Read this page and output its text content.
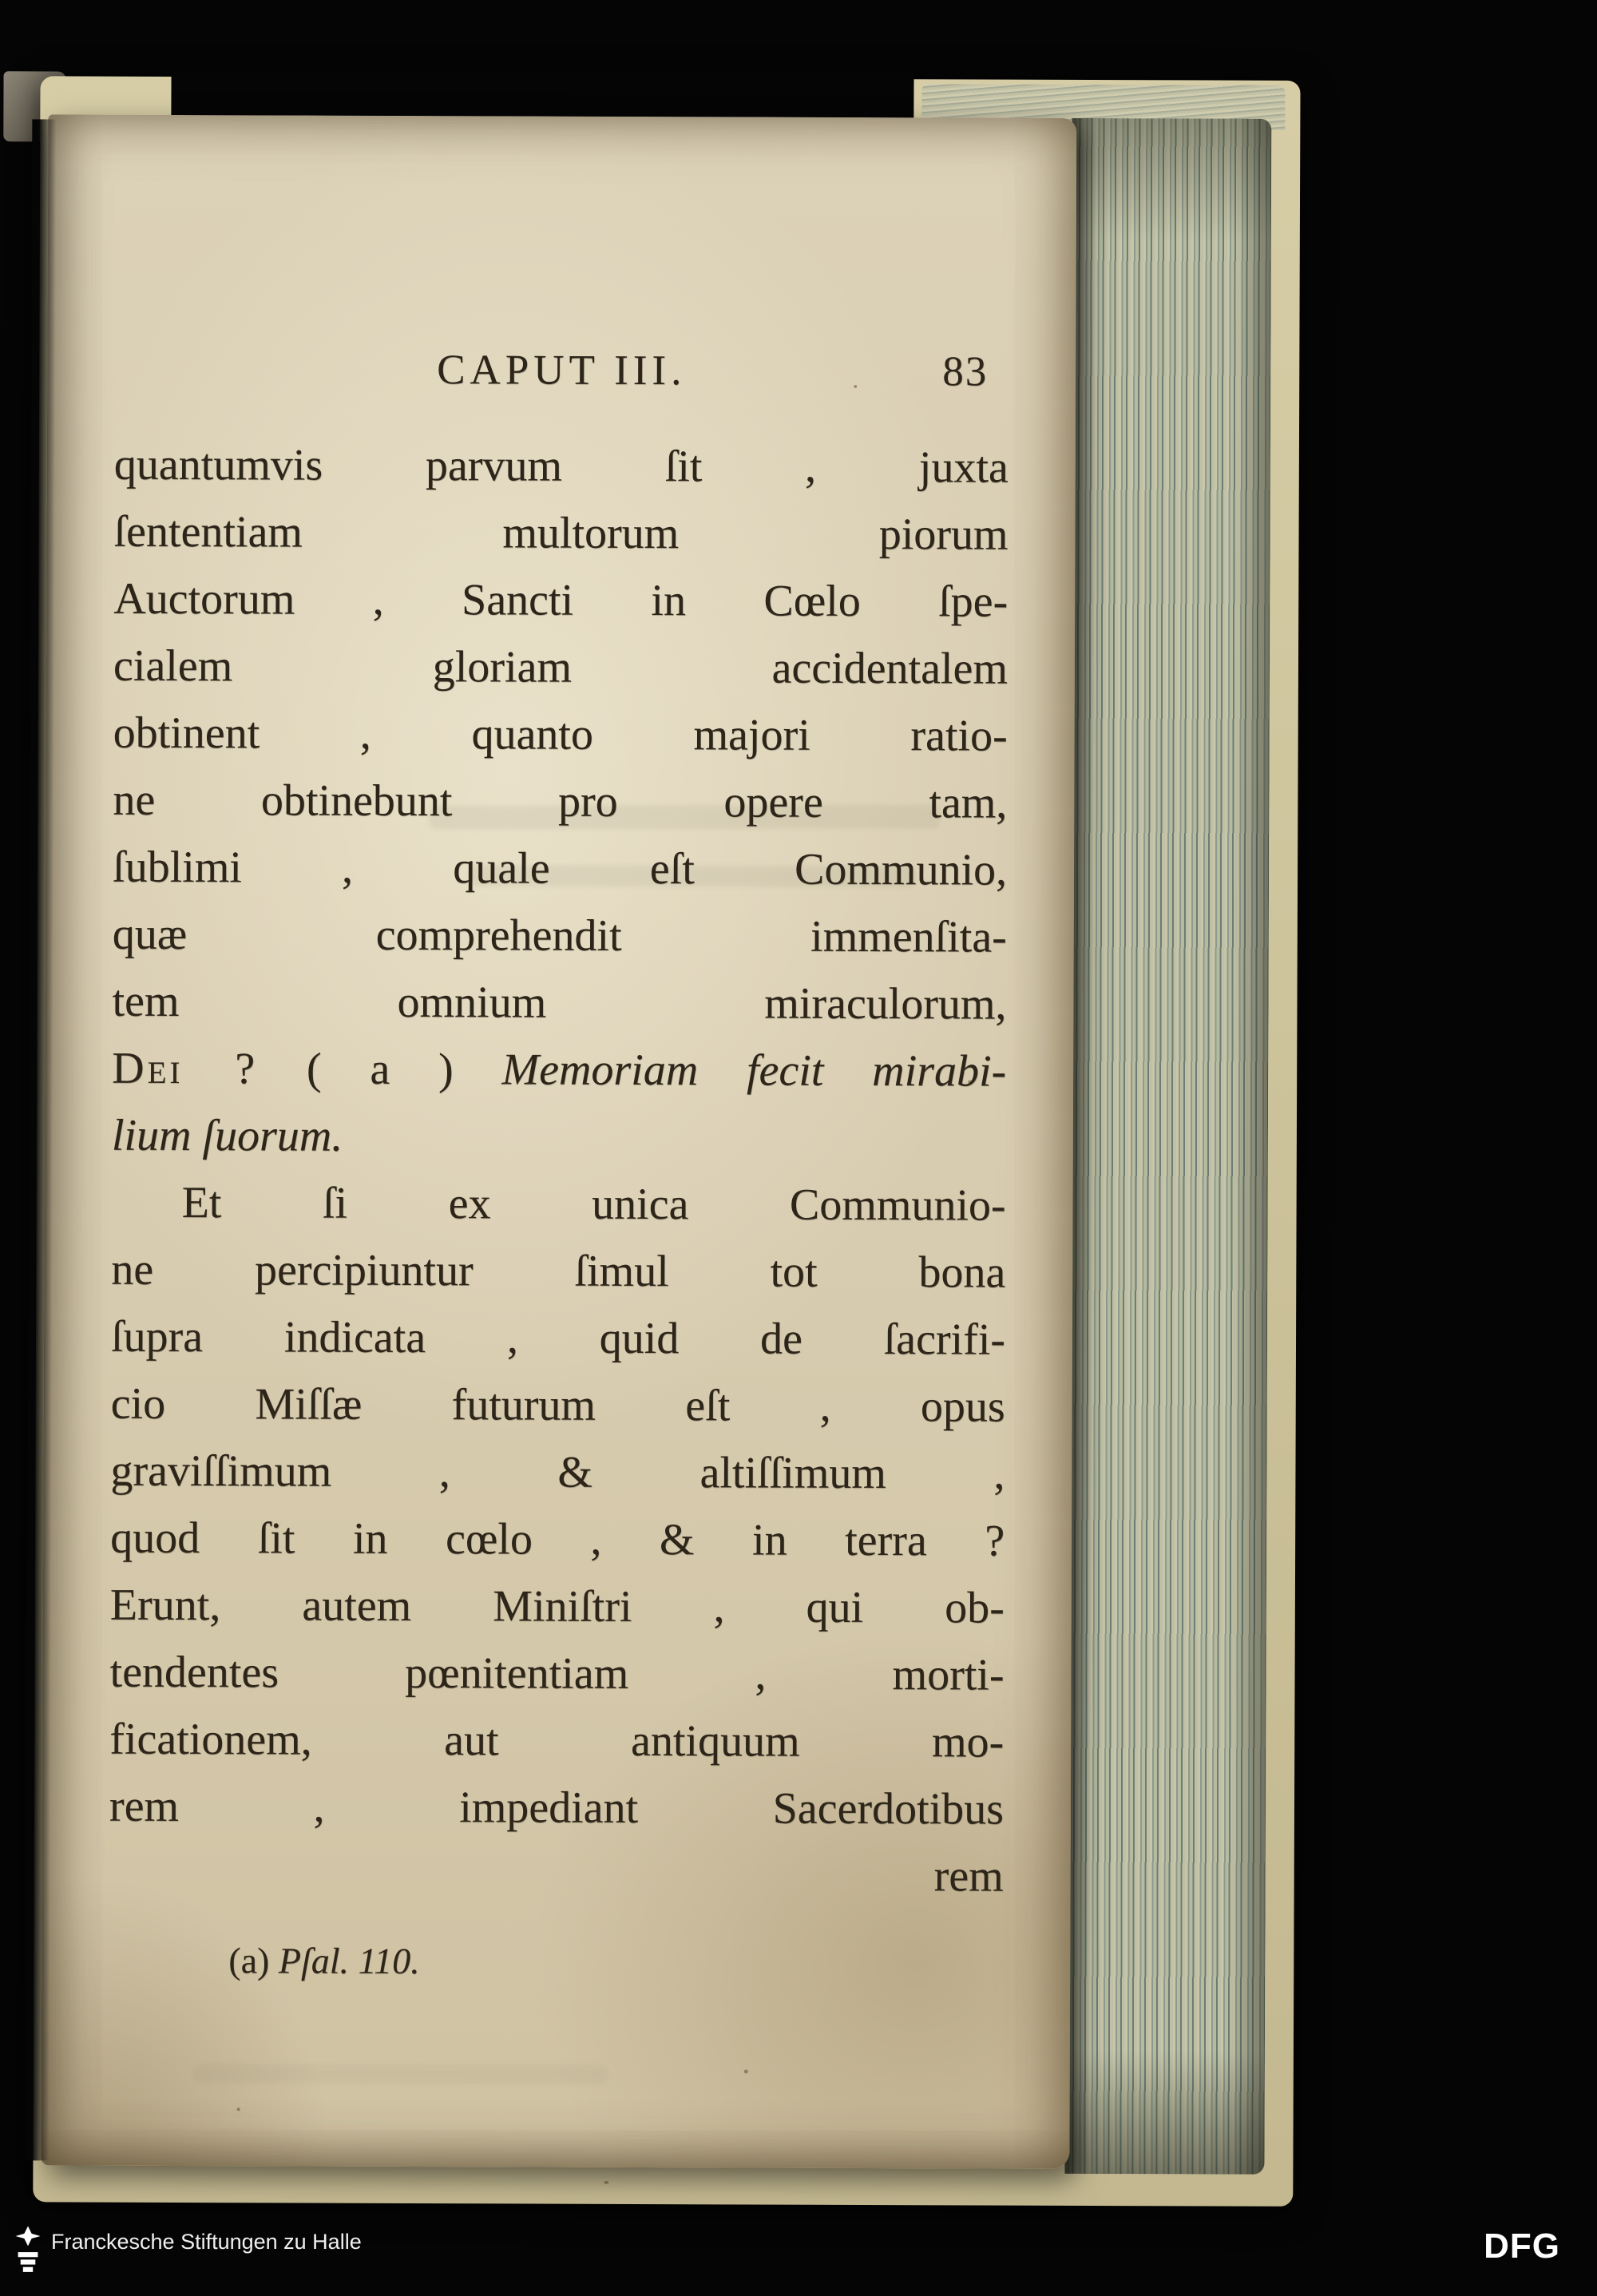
CAPUT III.	83
quantumvis parvum ſit , juxta
ſententiam multorum piorum
Auctorum , Sancti in Cœlo ſpe-
cialem gloriam accidentalem
obtinent , quanto majori ratio-
ne obtinebunt pro opere tam,
ſublimi , quale eſt Communio,
quæ comprehendit immenſita-
tem omnium miraculorum,
Dei ? ( a ) Memoriam fecit mirabi-
lium ſuorum.
Et ſi ex unica Communio-
ne percipiuntur ſimul tot bona
ſupra indicata , quid de ſacrifi-
cio Miſſæ futurum eſt , opus
graviſſimum , & altiſſimum ,
quod ſit in cœlo , & in terra ?
Erunt, autem Miniſtri , qui ob-
tendentes pœnitentiam , morti-
ficationem, aut antiquum mo-
rem , impediant Sacerdotibus
rem
(a) Pſal. 110.
Franckesche Stiftungen zu Halle	DFG
